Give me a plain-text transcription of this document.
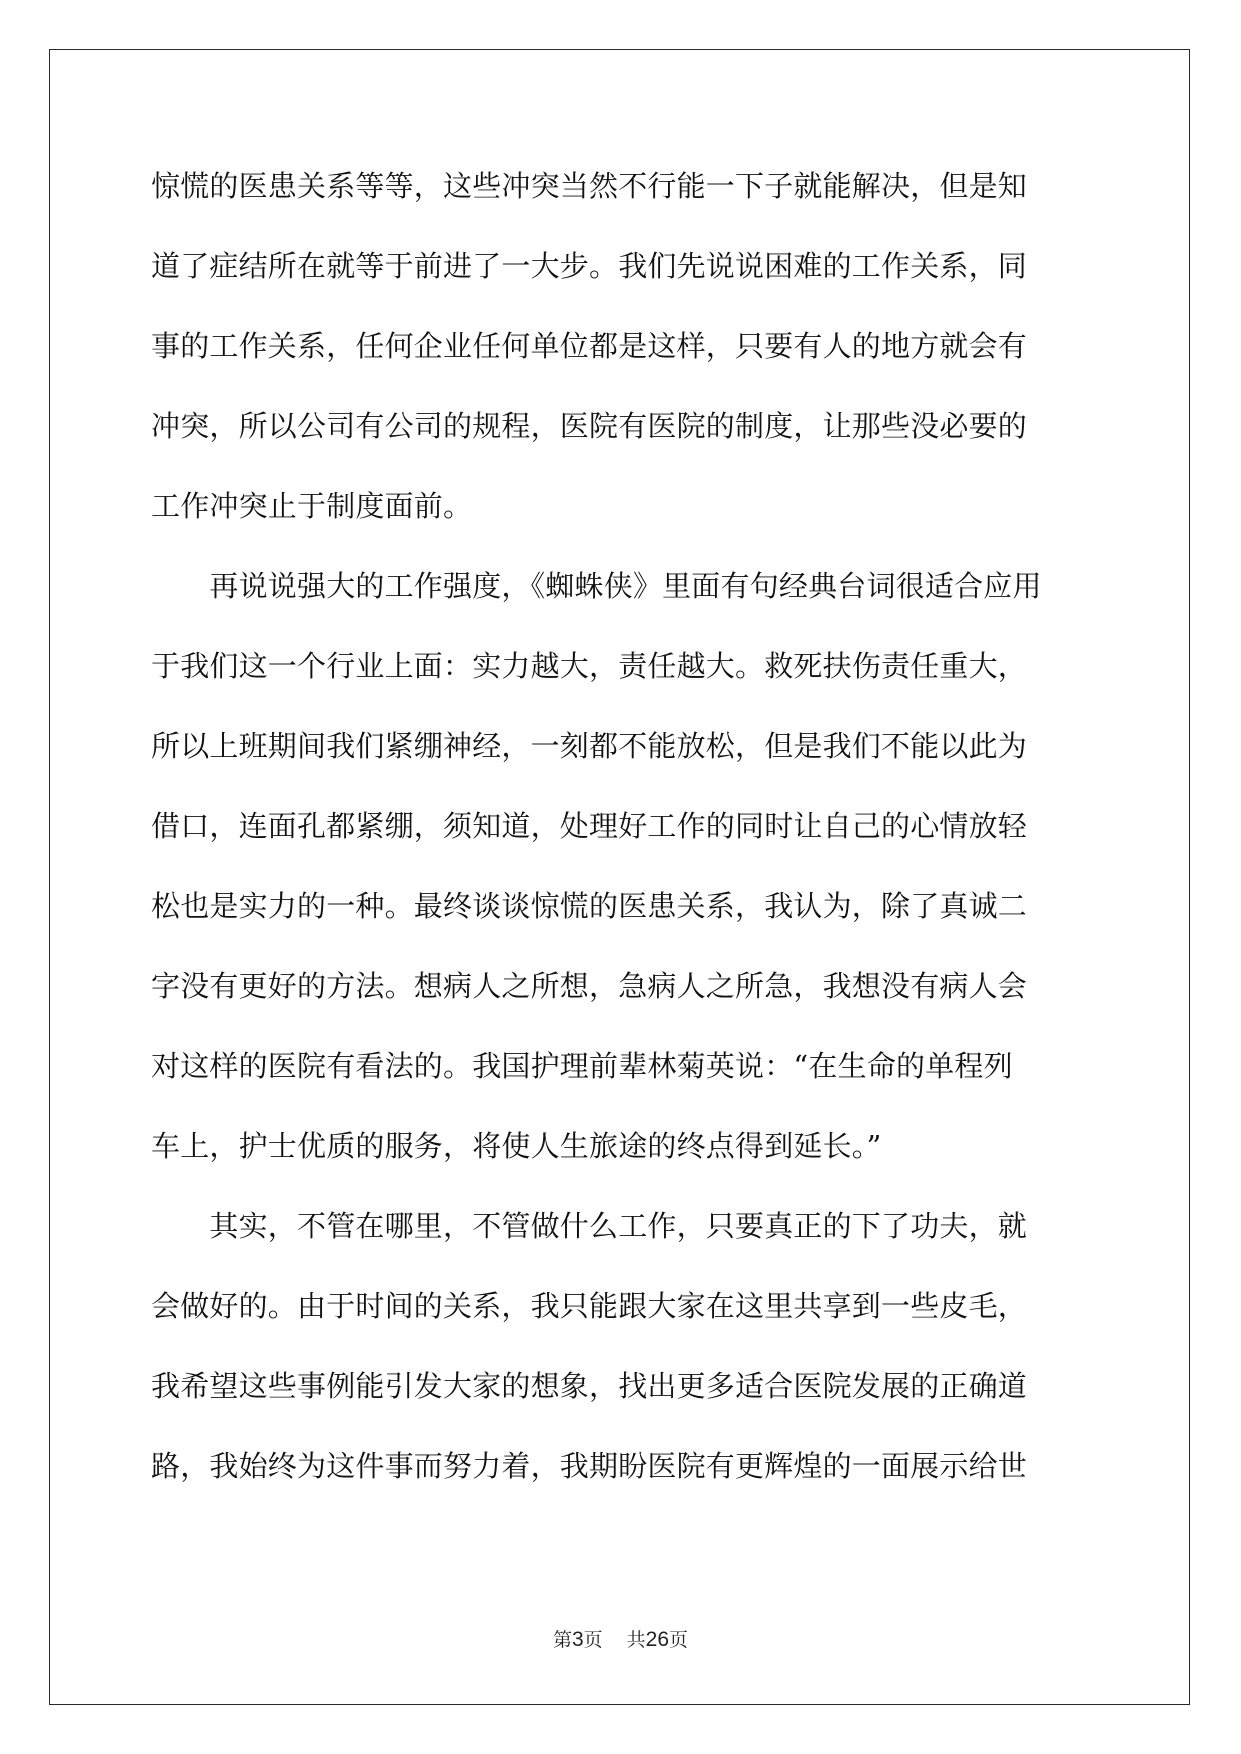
惊慌的医患关系等等，这些冲突当然不行能一下子就能解决，但是知
道了症结所在就等于前进了一大步。我们先说说困难的工作关系，同
事的工作关系，任何企业任何单位都是这样，只要有人的地方就会有
冲突，所以公司有公司的规程，医院有医院的制度，让那些没必要的
工作冲突止于制度面前。
　　再说说强大的工作强度，《蜘蛛侠》里面有句经典台词很适合应用
于我们这一个行业上面：实力越大，责任越大。救死扶伤责任重大，
所以上班期间我们紧绷神经，一刻都不能放松，但是我们不能以此为
借口，连面孔都紧绷，须知道，处理好工作的同时让自己的心情放轻
松也是实力的一种。最终谈谈惊慌的医患关系，我认为，除了真诚二
字没有更好的方法。想病人之所想，急病人之所急，我想没有病人会
对这样的医院有看法的。我国护理前辈林菊英说：“在生命的单程列
车上，护士优质的服务，将使人生旅途的终点得到延长。”
　　其实，不管在哪里，不管做什么工作，只要真正的下了功夫，就
会做好的。由于时间的关系，我只能跟大家在这里共享到一些皮毛，
我希望这些事例能引发大家的想象，找出更多适合医院发展的正确道
路，我始终为这件事而努力着，我期盼医院有更辉煌的一面展示给世
第3页 共26页
